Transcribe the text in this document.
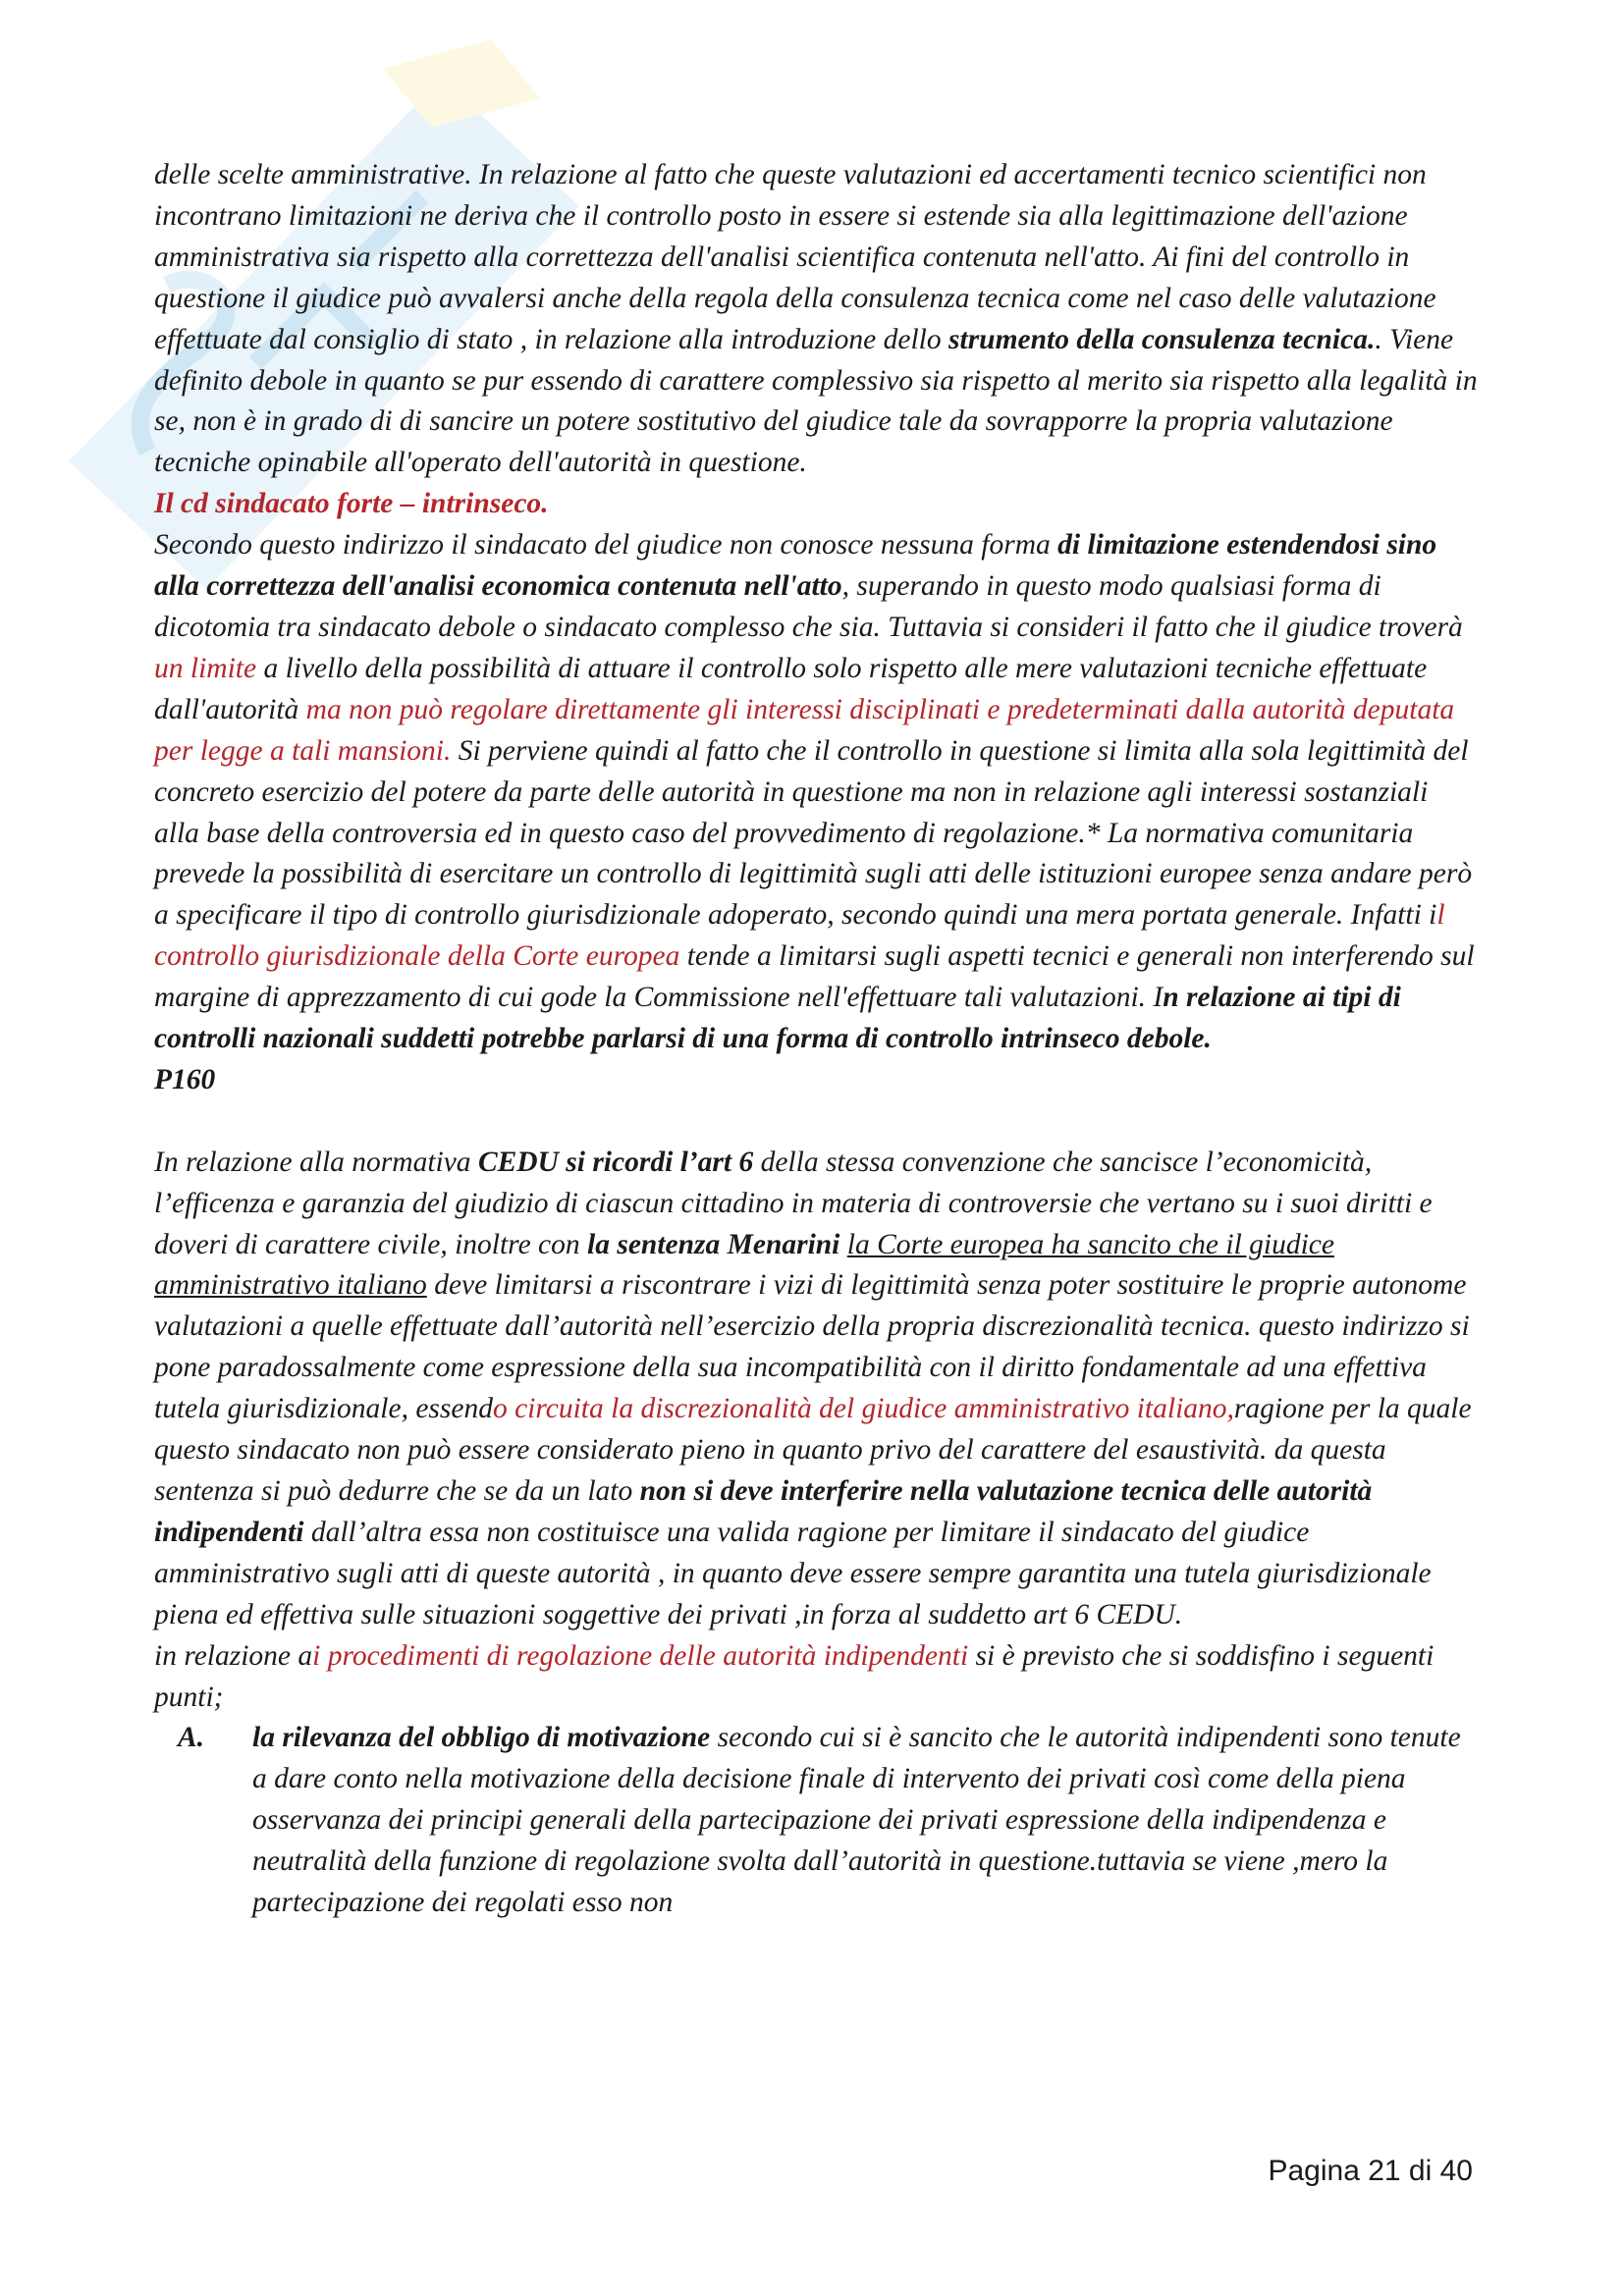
delle scelte amministrative. In relazione al fatto che queste valutazioni ed accertamenti tecnico scientifici non incontrano limitazioni ne deriva che il controllo posto in essere si estende sia alla legittimazione dell'azione amministrativa sia rispetto alla correttezza dell'analisi scientifica contenuta nell'atto. Ai fini del controllo in questione il giudice può avvalersi anche della regola della consulenza tecnica come nel caso delle valutazione effettuate dal consiglio di stato , in relazione alla introduzione dello strumento della consulenza tecnica.. Viene definito debole in quanto se pur essendo di carattere complessivo sia rispetto al merito sia rispetto alla legalità in se, non è in grado di di sancire un potere sostitutivo del giudice tale da sovrapporre la propria valutazione tecniche opinabile all'operato dell'autorità in questione.

Il cd sindacato forte – intrinseco.

Secondo questo indirizzo il sindacato del giudice non conosce nessuna forma di limitazione estendendosi sino alla correttezza dell'analisi economica contenuta nell'atto, superando in questo modo qualsiasi forma di dicotomia tra sindacato debole o sindacato complesso che sia. Tuttavia si consideri il fatto che il giudice troverà un limite a livello della possibilità di attuare il controllo solo rispetto alle mere valutazioni tecniche effettuate dall'autorità ma non può regolare direttamente gli interessi disciplinati e predeterminati dalla autorità deputata per legge a tali mansioni. Si perviene quindi al fatto che il controllo in questione si limita alla sola legittimità del concreto esercizio del potere da parte delle autorità in questione ma non in relazione agli interessi sostanziali alla base della controversia ed in questo caso del provvedimento di regolazione.* La normativa comunitaria prevede la possibilità di esercitare un controllo di legittimità sugli atti delle istituzioni europee senza andare però a specificare il tipo di controllo giurisdizionale adoperato, secondo quindi una mera portata generale. Infatti il controllo giurisdizionale della Corte europea tende a limitarsi sugli aspetti tecnici e generali non interferendo sul margine di apprezzamento di cui gode la Commissione nell'effettuare tali valutazioni. In relazione ai tipi di controlli nazionali suddetti potrebbe parlarsi di una forma di controllo intrinseco debole.

P160

In relazione alla normativa CEDU si ricordi l’art 6 della stessa convenzione che sancisce l’economicità, l’efficenza e garanzia del giudizio di ciascun cittadino in materia di controversie che vertano su i suoi diritti e doveri di carattere civile, inoltre con la sentenza Menarini la Corte europea ha sancito che il giudice amministrativo italiano deve limitarsi a riscontrare i vizi di legittimità senza poter sostituire le proprie autonome valutazioni a quelle effettuate dall’autorità nell’esercizio della propria discrezionalità tecnica. questo indirizzo si pone paradossalmente come espressione della sua incompatibilità con il diritto fondamentale ad una effettiva tutela giurisdizionale, essendo circuita la discrezionalità del giudice amministrativo italiano,ragione per la quale questo sindacato non può essere considerato pieno in quanto privo del carattere del esaustività. da questa sentenza si può dedurre che se da un lato non si deve interferire nella valutazione tecnica delle autorità indipendenti dall’altra essa non costituisce una valida ragione per limitare il sindacato del giudice amministrativo sugli atti di queste autorità , in quanto deve essere sempre garantita una tutela giurisdizionale piena ed effettiva sulle situazioni soggettive dei privati ,in forza al suddetto art 6 CEDU.

in relazione ai procedimenti di regolazione delle autorità indipendenti si è previsto che si soddisfino i seguenti punti;

A. la rilevanza del obbligo di motivazione secondo cui si è sancito che le autorità indipendenti sono tenute a dare conto nella motivazione della decisione finale di intervento dei privati così come della piena osservanza dei principi generali della partecipazione dei privati espressione della indipendenza e neutralità della funzione di regolazione svolta dall’autorità in questione.tuttavia se viene ,mero la partecipazione dei regolati esso non
Pagina 21 di 40
